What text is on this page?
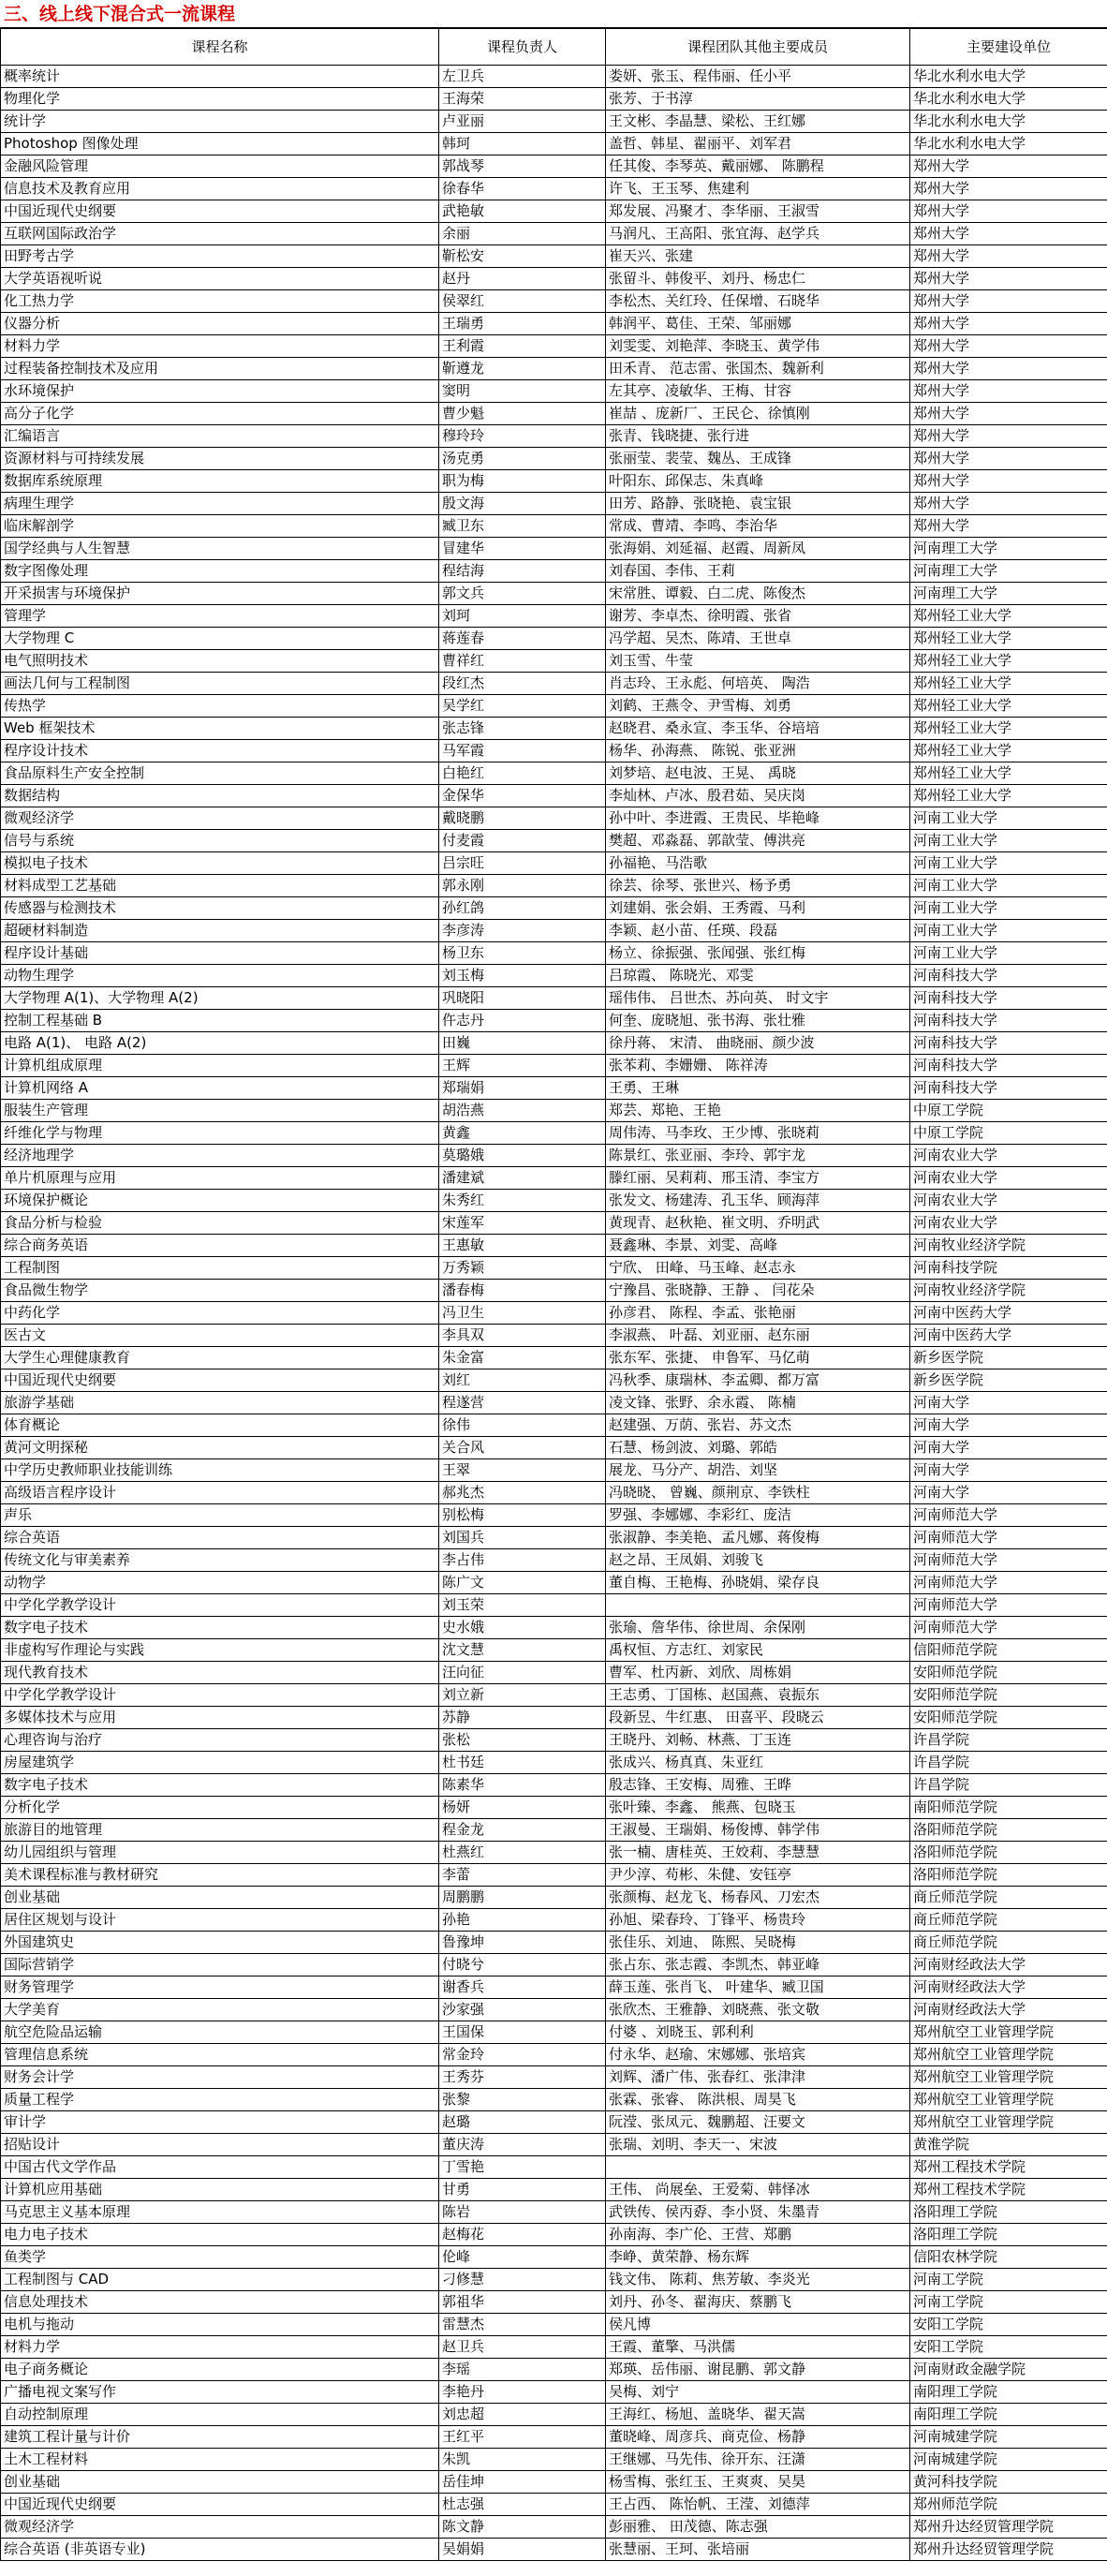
三、线上线下混合式一流课程
课程名称	课程负责人	课程团队其他主要成员	主要建设单位
概率统计	左卫兵	娄妍、张玉、程伟丽、任小平	华北水利水电大学
物理化学	王海荣	张芳、于书淳	华北水利水电大学
统计学	卢亚丽	王文彬、李晶慧、梁松、王红娜	华北水利水电大学
Photoshop 图像处理	韩珂	盖哲、韩星、翟丽平、刘军君	华北水利水电大学
金融风险管理	郭战琴	任其俊、李琴英、戴丽娜、 陈鹏程	郑州大学
信息技术及教育应用	徐春华	许飞、王玉琴、焦建利	郑州大学
中国近现代史纲要	武艳敏	郑发展、冯聚才、李华丽、王淑雪	郑州大学
互联网国际政治学	余丽	马润凡、王高阳、张宜海、赵学兵	郑州大学
田野考古学	靳松安	崔天兴、张建	郑州大学
大学英语视听说	赵丹	张留斗、韩俊平、刘丹、杨忠仁	郑州大学
化工热力学	侯翠红	李松杰、关红玲、任保增、石晓华	郑州大学
仪器分析	王瑞勇	韩润平、葛佳、王荣、邹丽娜	郑州大学
材料力学	王利霞	刘雯雯、刘艳萍、李晓玉、黄学伟	郑州大学
过程装备控制技术及应用	靳遵龙	田禾青、 范志雷、张国杰、魏新利	郑州大学
水环境保护	窦明	左其亭、凌敏华、王梅、甘容	郑州大学
高分子化学	曹少魁	崔喆 、庞新厂、王民仑、徐慎刚	郑州大学
汇编语言	穆玲玲	张青、钱晓捷、张行进	郑州大学
资源材料与可持续发展	汤克勇	张丽莹、裴莹、魏丛、王成锋	郑州大学
数据库系统原理	职为梅	叶阳东、邱保志、朱真峰	郑州大学
病理生理学	殷文海	田芳、路静、张晓艳、袁宝银	郑州大学
临床解剖学	臧卫东	常成、曹靖、李鸣、李治华	郑州大学
国学经典与人生智慧	冒建华	张海娟、刘延福、赵霞、周新凤	河南理工大学
数字图像处理	程结海	刘春国、李伟、王莉	河南理工大学
开采损害与环境保护	郭文兵	宋常胜、谭毅、白二虎、陈俊杰	河南理工大学
管理学	刘珂	谢芳、李卓杰、徐明霞、张省	郑州轻工业大学
大学物理 C	蒋莲春	冯学超、吴杰、陈靖、王世卓	郑州轻工业大学
电气照明技术	曹祥红	刘玉雪、牛莹	郑州轻工业大学
画法几何与工程制图	段红杰	肖志玲、王永彪、何培英、 陶浩	郑州轻工业大学
传热学	吴学红	刘鹤、王燕令、尹雪梅、刘勇	郑州轻工业大学
Web 框架技术	张志锋	赵晓君、桑永宣、李玉华、谷培培	郑州轻工业大学
程序设计技术	马军霞	杨华、孙海燕、 陈锐、张亚洲	郑州轻工业大学
食品原料生产安全控制	白艳红	刘梦培、赵电波、王晃、 禹晓	郑州轻工业大学
数据结构	金保华	李灿林、卢冰、殷君茹、吴庆岗	郑州轻工业大学
微观经济学	戴晓鹏	孙中叶、李进霞、王贵民、毕艳峰	河南工业大学
信号与系统	付麦霞	樊超、邓淼磊、郭歆莹、傅洪亮	河南工业大学
模拟电子技术	吕宗旺	孙福艳、马浩歌	河南工业大学
材料成型工艺基础	郭永刚	徐芸、徐琴、张世兴、杨予勇	河南工业大学
传感器与检测技术	孙红鸽	刘建娟、张会娟、王秀霞、马利	河南工业大学
超硬材料制造	李彦涛	李颖、赵小苗、任瑛、段磊	河南工业大学
程序设计基础	杨卫东	杨立、徐振强、张闻强、张红梅	河南工业大学
动物生理学	刘玉梅	吕琼霞、 陈晓光、邓雯	河南科技大学
大学物理 A(1)、大学物理 A(2)	巩晓阳	瑶伟伟、 吕世杰、苏向英、 时文宇	河南科技大学
控制工程基础 B	仵志丹	何奎、庞晓旭、张书海、张壮雅	河南科技大学
电路 A(1)、 电路 A(2)	田巍	徐丹蒋、 宋清、 曲晓丽、颜少波	河南科技大学
计算机组成原理	王辉	张苯莉、李姗姗、 陈祥涛	河南科技大学
计算机网络 A	郑瑞娟	王勇、王琳	河南科技大学
服装生产管理	胡浩燕	郑芸、郑艳、王艳	中原工学院
纤维化学与物理	黄鑫	周伟涛、马李玫、王少博、张晓莉	中原工学院
经济地理学	莫璐娥	陈景红、张亚丽、李玲、郭宇龙	河南农业大学
单片机原理与应用	潘建斌	滕红丽、吴莉莉、邢玉清、李宝方	河南农业大学
环境保护概论	朱秀红	张发文、杨建涛、孔玉华、顾海萍	河南农业大学
食品分析与检验	宋莲军	黄现青、赵秋艳、崔文明、乔明武	河南农业大学
综合商务英语	王惠敏	聂鑫琳、李景、刘雯、高峰	河南牧业经济学院
工程制图	万秀颖	宁欣、 田峰、马玉峰、赵志永	河南科技学院
食品微生物学	潘春梅	宁豫昌、张晓静、王静 、 闫花朵	河南牧业经济学院
中药化学	冯卫生	孙彦君、 陈程、李孟、张艳丽	河南中医药大学
医古文	李具双	李淑燕、 叶磊、刘亚丽、赵东丽	河南中医药大学
大学生心理健康教育	朱金富	张东军、张捷、 申鲁军、马亿萌	新乡医学院
中国近现代史纲要	刘红	冯秋季、康瑞林、李孟卿、都万富	新乡医学院
旅游学基础	程遂营	凌文锋、张野、余永霞、 陈楠	河南大学
体育概论	徐伟	赵建强、万荫、张岩、苏文杰	河南大学
黄河文明探秘	关合风	石慧、杨剑波、刘璐、郭皓	河南大学
中学历史教师职业技能训练	王翠	展龙、马分产、胡浩、刘坚	河南大学
高级语言程序设计	郝兆杰	冯晓晓、 曾巍、颜荆京、李铁柱	河南大学
声乐	别松梅	罗强、李娜娜、李彩红、庞洁	河南师范大学
综合英语	刘国兵	张淑静、李美艳、孟凡娜、蒋俊梅	河南师范大学
传统文化与审美素养	李占伟	赵之昂、王凤娟、刘骏飞	河南师范大学
动物学	陈广文	董自梅、王艳梅、孙晓娟、梁存良	河南师范大学
中学化学教学设计	刘玉荣		河南师范大学
数字电子技术	史水娥	张瑜、詹华伟、徐世周、余保刚	河南师范大学
非虚构写作理论与实践	沈文慧	禹权恒、方志红、刘家民	信阳师范学院
现代教育技术	汪向征	曹军、杜丙新、刘欣、周栋娟	安阳师范学院
中学化学教学设计	刘立新	王志勇、丁国栋、赵国燕、袁振东	安阳师范学院
多媒体技术与应用	苏静	段新昱、牛红惠、 田喜平、段晓云	安阳师范学院
心理咨询与治疗	张松	王晓丹、刘畅、林燕、丁玉连	许昌学院
房屋建筑学	杜书廷	张成兴、杨真真、朱亚红	许昌学院
数字电子技术	陈素华	殷志锋、王安梅、周雅、王晔	许昌学院
分析化学	杨妍	张叶臻、李鑫、 熊燕、包晓玉	南阳师范学院
旅游目的地管理	程金龙	王淑曼、王瑞娟、杨俊博、韩学伟	洛阳师范学院
幼儿园组织与管理	杜燕红	张一楠、唐桂英、王姣莉、李慧慧	洛阳师范学院
美术课程标准与教材研究	李蕾	尹少淳、苟彬、朱健、安钰亭	洛阳师范学院
创业基础	周鹏鹏	张颜梅、赵龙飞、杨春风、刀宏杰	商丘师范学院
居住区规划与设计	孙艳	孙旭、梁春玲、丁锋平、杨贵玲	商丘师范学院
外国建筑史	鲁豫坤	张佳乐、刘迪、 陈熙、吴晓梅	商丘师范学院
国际营销学	付晓兮	张占东、张志霞、李凯杰、韩亚峰	河南财经政法大学
财务管理学	谢香兵	薛玉莲、张肖飞、 叶建华、臧卫国	河南财经政法大学
大学美育	沙家强	张欣杰、王雅静、刘晓燕、张文敬	河南财经政法大学
航空危险品运输	王国保	付婆 、刘晓玉、郭利利	郑州航空工业管理学院
管理信息系统	常金玲	付永华、赵瑜、宋娜娜、张培宾	郑州航空工业管理学院
财务会计学	王秀芬	刘辉、潘广伟、张春红、张津津	郑州航空工业管理学院
质量工程学	张黎	张霖、张睿、 陈洪根、周昊飞	郑州航空工业管理学院
审计学	赵璐	阮滢、张凤元、魏鹏超、汪要文	郑州航空工业管理学院
招贴设计	董庆涛	张瑞、刘明、李天一、宋波	黄淮学院
中国古代文学作品	丁雪艳		郑州工程技术学院
计算机应用基础	甘勇	王伟、 尚展垒、王爱菊、韩怿冰	郑州工程技术学院
马克思主义基本原理	陈岩	武铁传、侯丙孬、李小贤、朱墨青	洛阳理工学院
电力电子技术	赵梅花	孙南海、李广伦、王营、郑鹏	洛阳理工学院
鱼类学	伦峰	李峥、黄荣静、杨东辉	信阳农林学院
工程制图与 CAD	刁修慧	钱文伟、 陈莉、焦芳敏、李炎光	河南工学院
信息处理技术	郭祖华	刘丹、孙冬、翟海庆、蔡鹏飞	河南工学院
电机与拖动	雷慧杰	侯凡博	安阳工学院
材料力学	赵卫兵	王霞、董擎、马洪儒	安阳工学院
电子商务概论	李瑶	郑瑛、岳伟丽、谢昆鹏、郭文静	河南财政金融学院
广播电视文案写作	李艳丹	吴梅、刘宁	南阳理工学院
自动控制原理	刘忠超	王海红、杨旭、盖晓华、翟天嵩	南阳理工学院
建筑工程计量与计价	王红平	董晓峰、周彦兵、商克俭、杨静	河南城建学院
土木工程材料	朱凯	王继娜、马先伟、徐开东、汪潇	河南城建学院
创业基础	岳佳坤	杨雪梅、张红玉、王爽爽、吴昊	黄河科技学院
中国近现代史纲要	杜志强	王占西、 陈怡帆、王滢、刘德萍	郑州师范学院
微观经济学	陈文静	彭丽雅、 田茂德、陈志强	郑州升达经贸管理学院
综合英语 (非英语专业)	吴娟娟	张慧丽、王珂、张培丽	郑州升达经贸管理学院
